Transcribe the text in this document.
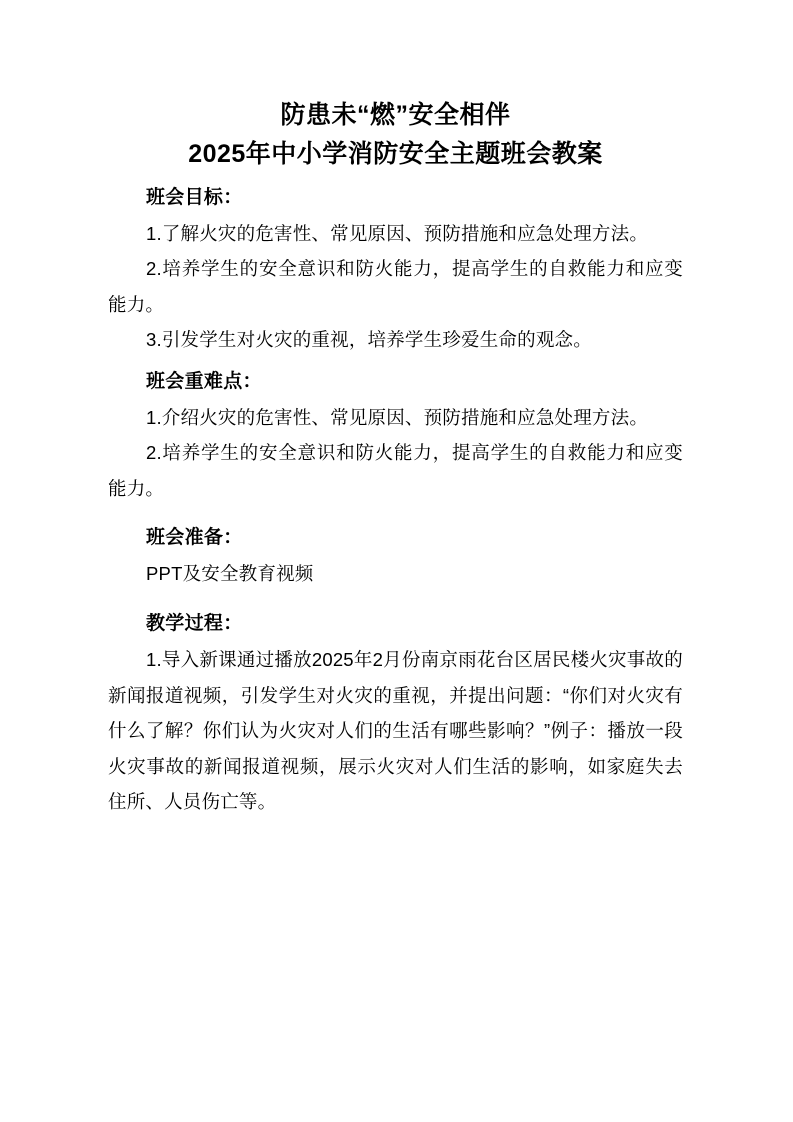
防患未“燃”安全相伴
2025年中小学消防安全主题班会教案

班会目标：

1.了解火灾的危害性、常见原因、预防措施和应急处理方法。

2.培养学生的安全意识和防火能力，提高学生的自救能力和应变能力。

3.引发学生对火灾的重视，培养学生珍爱生命的观念。

班会重难点：

1.介绍火灾的危害性、常见原因、预防措施和应急处理方法。

2.培养学生的安全意识和防火能力，提高学生的自救能力和应变能力。

班会准备：

PPT及安全教育视频

教学过程：

1.导入新课通过播放2025年2月份南京雨花台区居民楼火灾事故的新闻报道视频，引发学生对火灾的重视，并提出问题：“你们对火灾有什么了解？你们认为火灾对人们的生活有哪些影响？”例子：播放一段火灾事故的新闻报道视频，展示火灾对人们生活的影响，如家庭失去住所、人员伤亡等。
